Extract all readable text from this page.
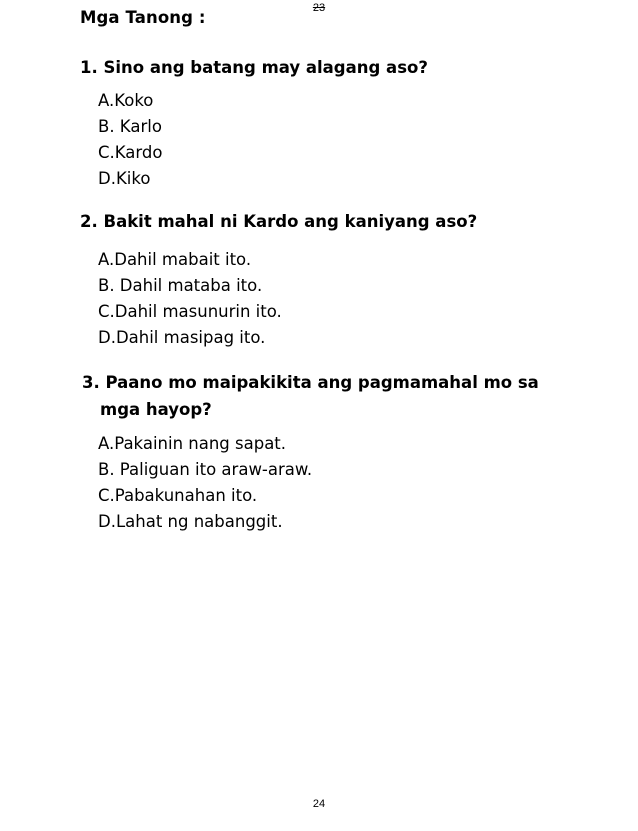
23
Mga Tanong :
1. Sino ang batang may alagang aso?
A.Koko
B. Karlo
C.Kardo
D.Kiko
2. Bakit mahal ni Kardo ang kaniyang aso?
A.Dahil mabait ito.
B. Dahil mataba ito.
C.Dahil masunurin ito.
D.Dahil masipag ito.
3. Paano mo maipakikita ang pagmamahal mo sa
mga hayop?
A.Pakainin nang sapat.
B. Paliguan ito araw-araw.
C.Pabakunahan ito.
D.Lahat ng nabanggit.
24
